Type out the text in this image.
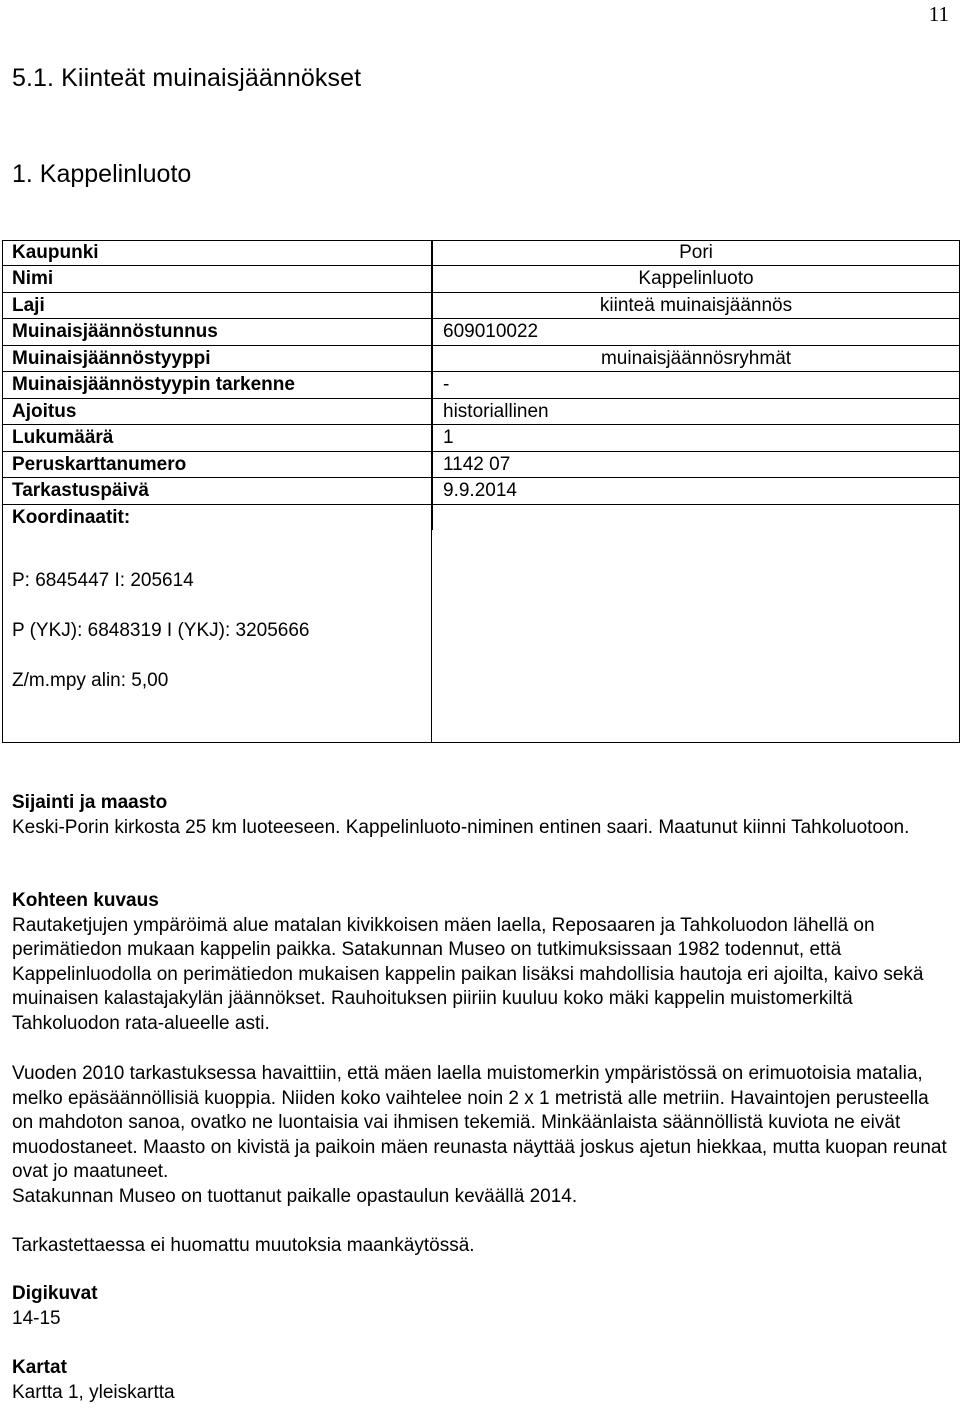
11
5.1. Kiinteät muinaisjäännökset
1. Kappelinluoto
Kaupunki	Pori
Nimi	Kappelinluoto
Laji	kiinteä muinaisjäännös
Muinaisjäännöstunnus	609010022
Muinaisjäännöstyyppi	muinaisjäännösryhmät
Muinaisjäännöstyypin tarkenne	-
Ajoitus	historiallinen
Lukumäärä	1
Peruskarttanumero	1142 07
Tarkastuspäivä	9.9.2014
Koordinaatit:	
P: 6845447 I: 205614
P (YKJ): 6848319 I (YKJ): 3205666
Z/m.mpy alin: 5,00
Sijainti ja maasto
Keski-Porin kirkosta 25 km luoteeseen. Kappelinluoto-niminen entinen saari. Maatunut kiinni Tahkoluotoon.
Kohteen kuvaus
Rautaketjujen ympäröimä alue matalan kivikkoisen mäen laella, Reposaaren ja Tahkoluodon lähellä on perimätiedon mukaan kappelin paikka. Satakunnan Museo on tutkimuksissaan 1982 todennut, että Kappelinluodolla on perimätiedon mukaisen kappelin paikan lisäksi mahdollisia hautoja eri ajoilta, kaivo sekä muinaisen kalastajakylän jäännökset. Rauhoituksen piiriin kuuluu koko mäki kappelin muistomerkiltä Tahkoluodon rata-alueelle asti.
Vuoden 2010 tarkastuksessa havaittiin, että mäen laella muistomerkin ympäristössä on erimuotoisia matalia, melko epäsäännöllisiä kuoppia. Niiden koko vaihtelee noin 2 x 1 metristä alle metriin. Havaintojen perusteella on mahdoton sanoa, ovatko ne luontaisia vai ihmisen tekemiä. Minkäänlaista säännöllistä kuviota ne eivät muodostaneet. Maasto on kivistä ja paikoin mäen reunasta näyttää joskus ajetun hiekkaa, mutta kuopan reunat ovat jo maatuneet.
Satakunnan Museo on tuottanut paikalle opastaulun keväällä 2014.
Tarkastettaessa ei huomattu muutoksia maankäytössä.
Digikuvat
14-15
Kartat
Kartta 1, yleiskartta
